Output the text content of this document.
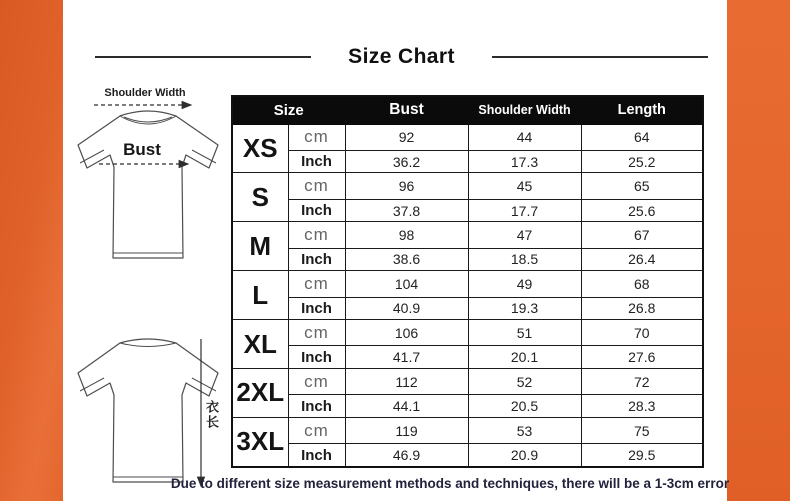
Size Chart
Shoulder Width
Bust
衣长
Size		Bust	Shoulder Width	Length
XS	cm	92	44	64
	Inch	36.2	17.3	25.2
S	cm	96	45	65
	Inch	37.8	17.7	25.6
M	cm	98	47	67
	Inch	38.6	18.5	26.4
L	cm	104	49	68
	Inch	40.9	19.3	26.8
XL	cm	106	51	70
	Inch	41.7	20.1	27.6
2XL	cm	112	52	72
	Inch	44.1	20.5	28.3
3XL	cm	119	53	75
	Inch	46.9	20.9	29.5
Due to different size measurement methods and techniques, there will be a 1-3cm error
